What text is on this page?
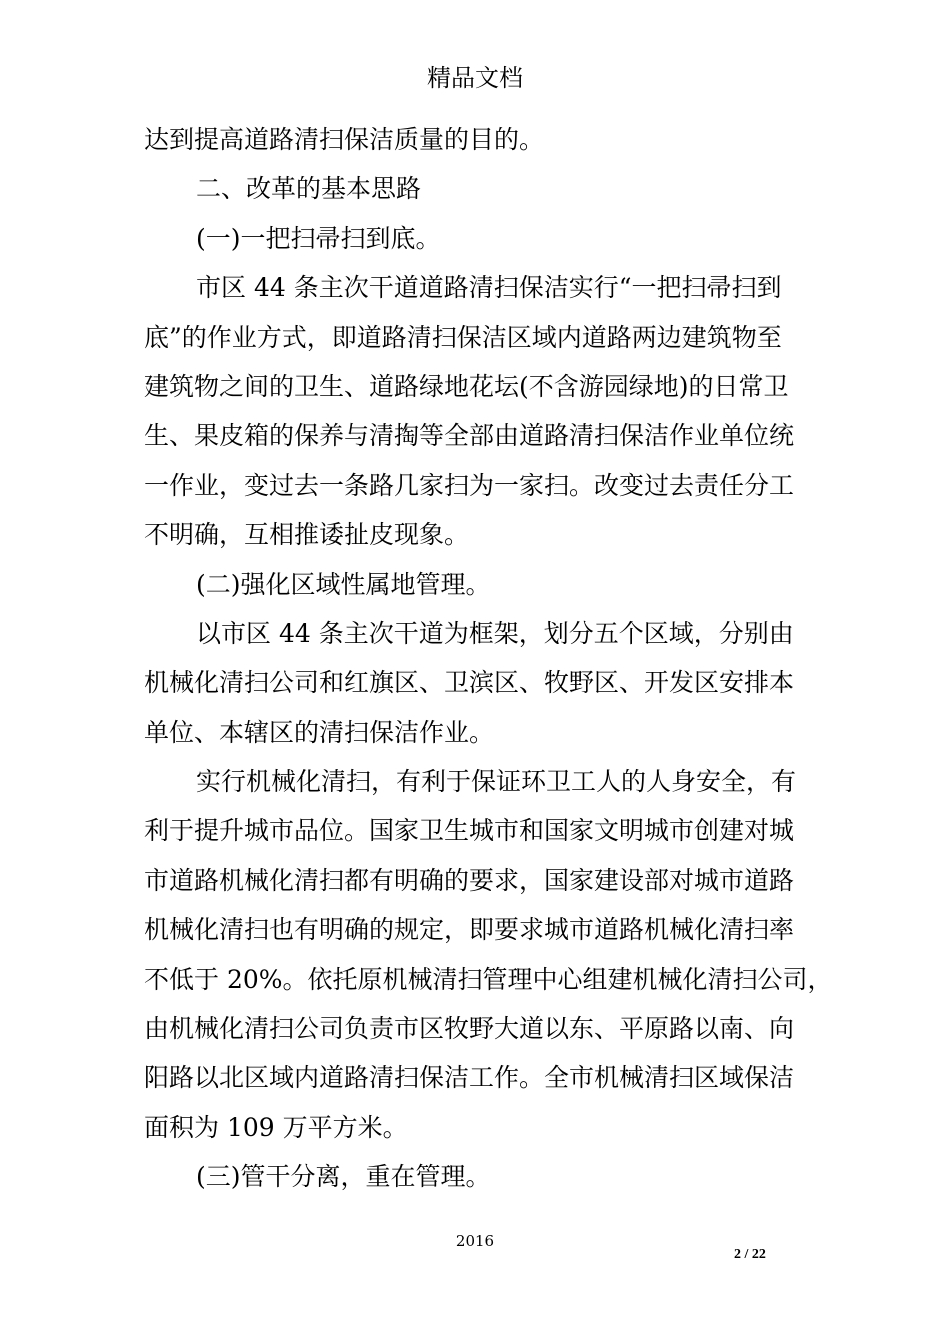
精品文档
达到提高道路清扫保洁质量的目的。
二、改革的基本思路
(一)一把扫帚扫到底。
市区 44 条主次干道道路清扫保洁实行“一把扫帚扫到
底”的作业方式，即道路清扫保洁区域内道路两边建筑物至
建筑物之间的卫生、道路绿地花坛(不含游园绿地)的日常卫
生、果皮箱的保养与清掏等全部由道路清扫保洁作业单位统
一作业，变过去一条路几家扫为一家扫。改变过去责任分工
不明确，互相推诿扯皮现象。
(二)强化区域性属地管理。
以市区 44 条主次干道为框架，划分五个区域，分别由
机械化清扫公司和红旗区、卫滨区、牧野区、开发区安排本
单位、本辖区的清扫保洁作业。
实行机械化清扫，有利于保证环卫工人的人身安全，有
利于提升城市品位。国家卫生城市和国家文明城市创建对城
市道路机械化清扫都有明确的要求，国家建设部对城市道路
机械化清扫也有明确的规定，即要求城市道路机械化清扫率
不低于 20%。依托原机械清扫管理中心组建机械化清扫公司，
由机械化清扫公司负责市区牧野大道以东、平原路以南、向
阳路以北区域内道路清扫保洁工作。全市机械清扫区域保洁
面积为 109 万平方米。
(三)管干分离，重在管理。
2016
2 / 22
